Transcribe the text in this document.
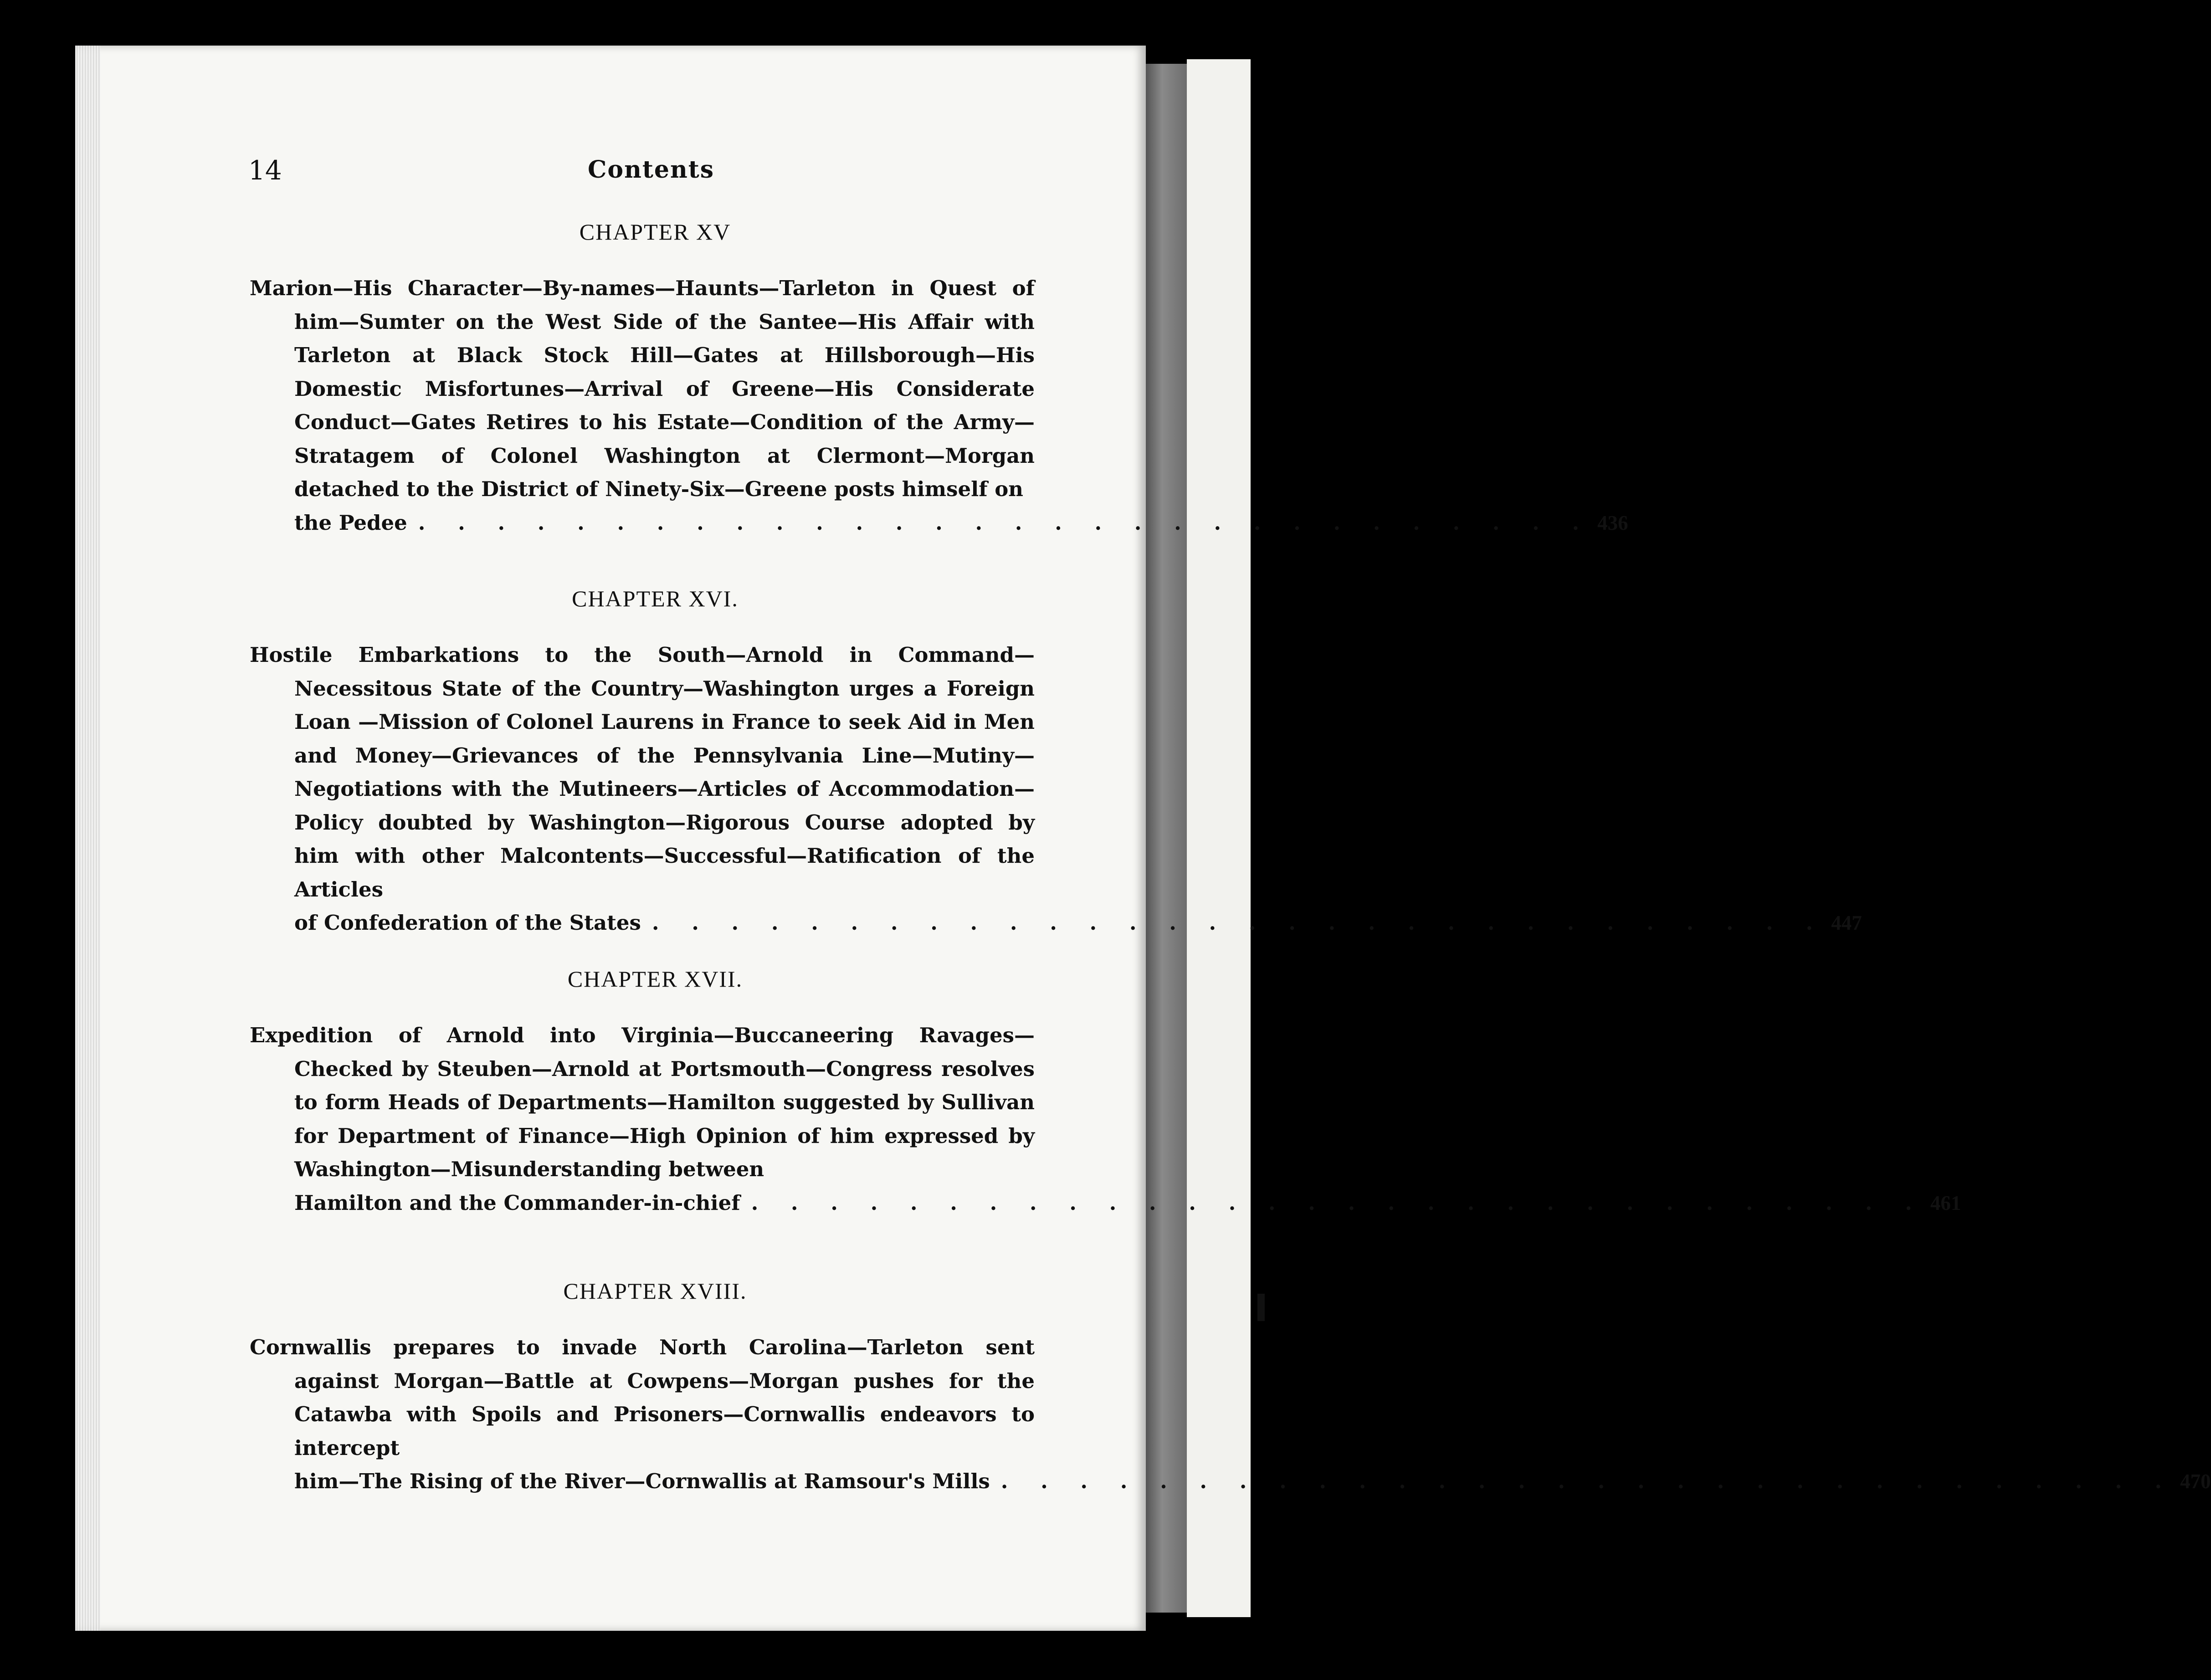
14	Contents
CHAPTER XV

Marion—His Character—By-names—Haunts—Tarleton in Quest of him—Sumter on the West Side of the Santee—His Affair with Tarleton at Black Stock Hill—Gates at Hillsborough—His Domestic Misfortunes—Arrival of Greene—His Considerate Conduct—Gates Retires to his Estate—Condition of the Army—Stratagem of Colonel Washington at Clermont—Morgan detached to the District of Ninety-Six—Greene posts himself on

the Pedee . . . . . . . . . . . . . . . . . . . . . . . . . . . . . . 436
CHAPTER XVI.

Hostile Embarkations to the South—Arnold in Command—Necessitous State of the Country—Washington urges a Foreign Loan —Mission of Colonel Laurens in France to seek Aid in Men and Money—Grievances of the Pennsylvania Line—Mutiny—Negotiations with the Mutineers—Articles of Accommodation— Policy doubted by Washington—Rigorous Course adopted by him with other Malcontents—Successful—Ratification of the Articles

of Confederation of the States . . . . . . . . . . . . . . . . . . . . . . . . . . . . . . 447
CHAPTER XVII.

Expedition of Arnold into Virginia—Buccaneering Ravages— Checked by Steuben—Arnold at Portsmouth—Congress resolves to form Heads of Departments—Hamilton suggested by Sullivan for Department of Finance—High Opinion of him expressed by Washington—Misunderstanding between

Hamilton and the Commander-in-chief . . . . . . . . . . . . . . . . . . . . . . . . . . . . . . 461
CHAPTER XVIII.

Cornwallis prepares to invade North Carolina—Tarleton sent against Morgan—Battle at Cowpens—Morgan pushes for the Catawba with Spoils and Prisoners—Cornwallis endeavors to intercept

him—The Rising of the River—Cornwallis at Ramsour's Mills . . . . . . . . . . . . . . . . . . . . . . . . . . . . . . 470
